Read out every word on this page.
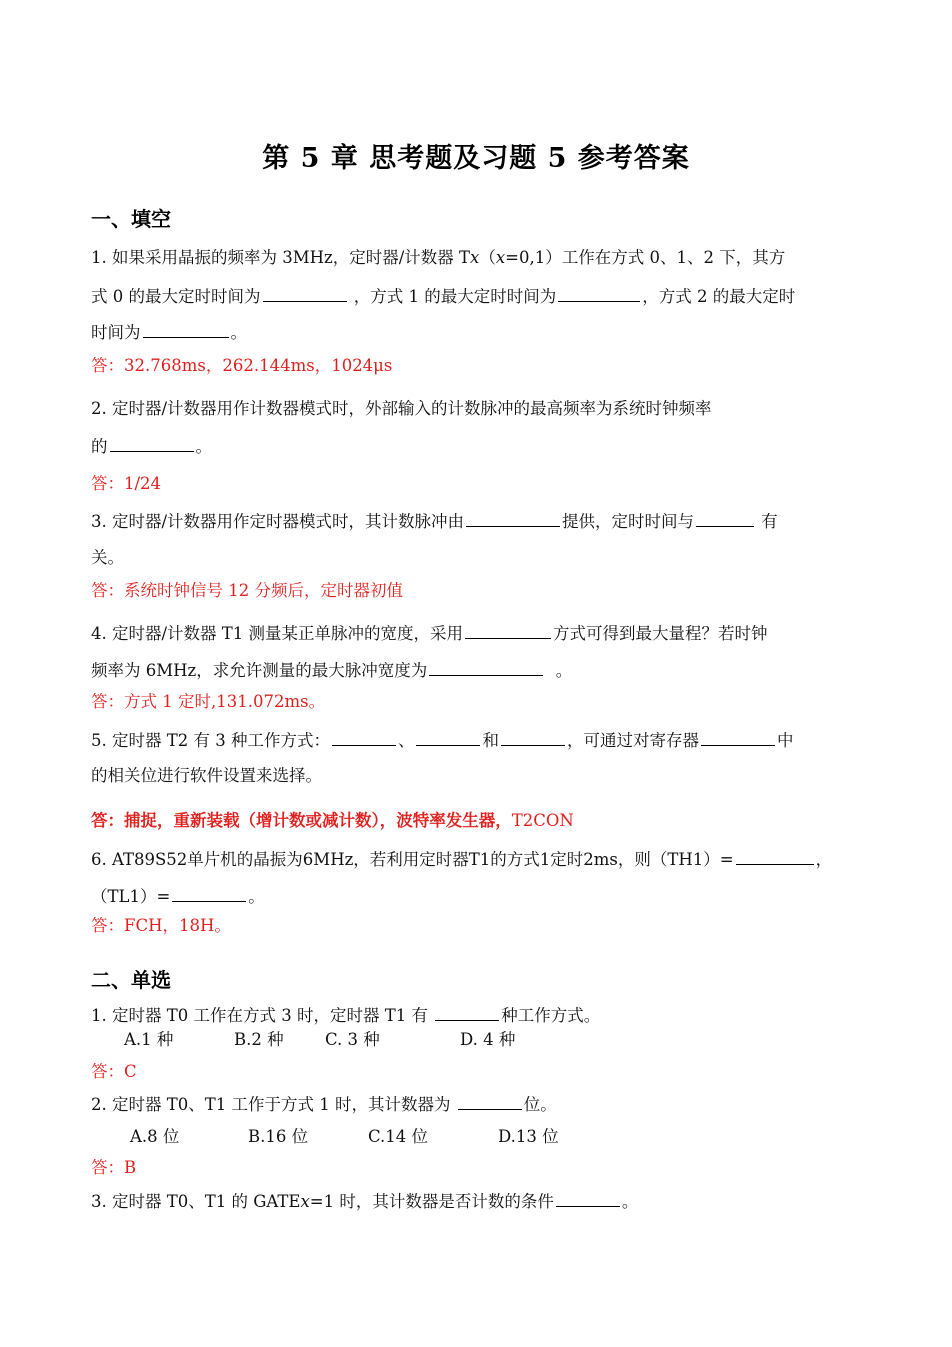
第 5 章 思考题及习题 5 参考答案
一、填空
1. 如果采用晶振的频率为 3MHz，定时器/计数器 Tx（x=0,1）工作在方式 0、1、2 下，其方
式 0 的最大定时时间为	，方式 1 的最大定时时间为	，方式 2 的最大定时
时间为	。
答：32.768ms，262.144ms，1024μs
2. 定时器/计数器用作计数器模式时，外部输入的计数脉冲的最高频率为系统时钟频率
的	。
答：1/24
3. 定时器/计数器用作定时器模式时，其计数脉冲由	提供，定时时间与	有
关。
答：系统时钟信号 12 分频后，定时器初值
4. 定时器/计数器 T1 测量某正单脉冲的宽度，采用	方式可得到最大量程？若时钟
频率为 6MHz，求允许测量的最大脉冲宽度为	。
答：方式 1 定时,131.072ms。
5. 定时器 T2 有 3 种工作方式：	、	和	，可通过对寄存器	中
的相关位进行软件设置来选择。
答：捕捉，重新装载（增计数或减计数），波特率发生器，T2CON
6. AT89S52单片机的晶振为6MHz，若利用定时器T1的方式1定时2ms，则（TH1）=	，
（TL1）=	。
答：FCH，18H。
二、单选
1. 定时器 T0 工作在方式 3 时，定时器 T1 有	种工作方式。
A.1 种	B.2 种	C. 3 种	D. 4 种
答：C
2. 定时器 T0、T1 工作于方式 1 时，其计数器为	位。
A.8 位	B.16 位	C.14 位	D.13 位
答：B
3. 定时器 T0、T1 的 GATEx=1 时，其计数器是否计数的条件	。
